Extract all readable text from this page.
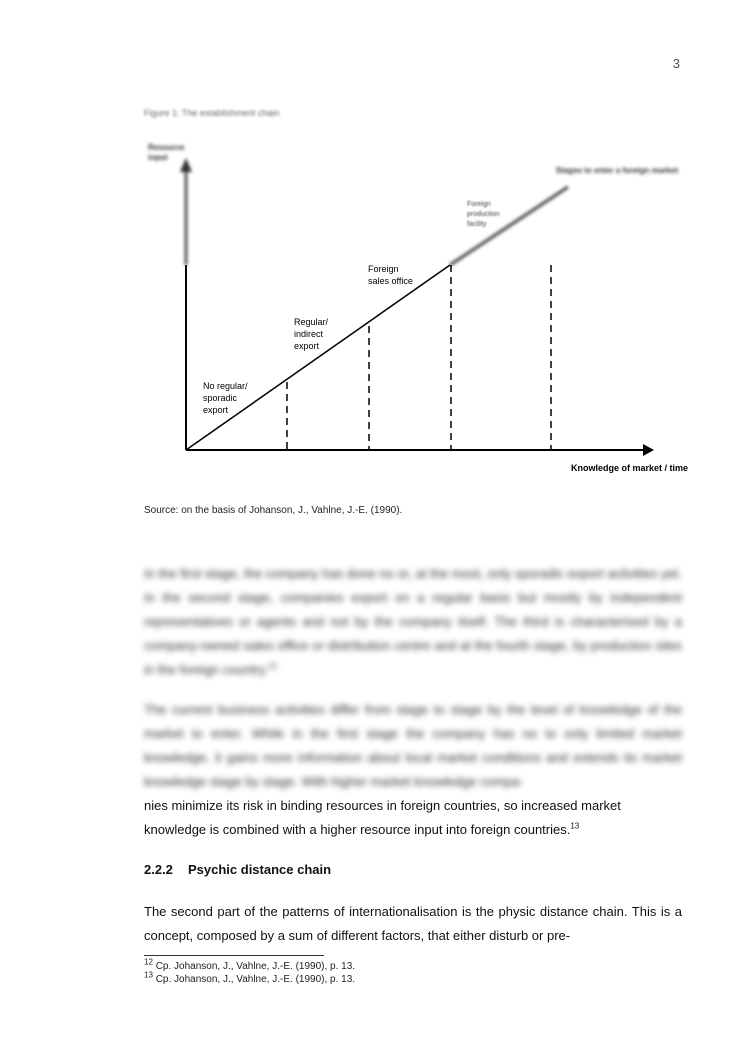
3
Figure 1: The establishment chain
Resource
input
Knowledge of market / time
No regular/
sporadic
export
Regular/
indirect
export
Foreign
sales office
Foreign
production
facility
Stages to enter a foreign market
Source: on the basis of Johanson, J., Vahlne, J.-E. (1990).

In the first stage, the company has done no or, at the most, only sporadic export activities yet. In the second stage, companies export on a regular basis but mostly by independent representatives or agents and not by the company itself. The third is characterised by a company-owned sales office or distribution centre and at the fourth stage, by production sites in the foreign country.$^{12}$

The current business activities differ from stage to stage by the level of knowledge of the market to enter. While in the first stage the company has no to only limited market knowledge, it gains more information about local market conditions and extends its market knowledge stage by stage. With higher market knowledge compa-

nies minimize its risk in binding resources in foreign countries, so increased market
knowledge is combined with a higher resource input into foreign countries.$^{13}$

2.2.2 Psychic distance chain

The second part of the patterns of internationalisation is the physic distance chain. This is a concept, composed by a sum of different factors, that either disturb or pre-

$^{12}$ Cp. Johanson, J., Vahlne, J.-E. (1990), p. 13.
$^{13}$ Cp. Johanson, J., Vahlne, J.-E. (1990), p. 13.
